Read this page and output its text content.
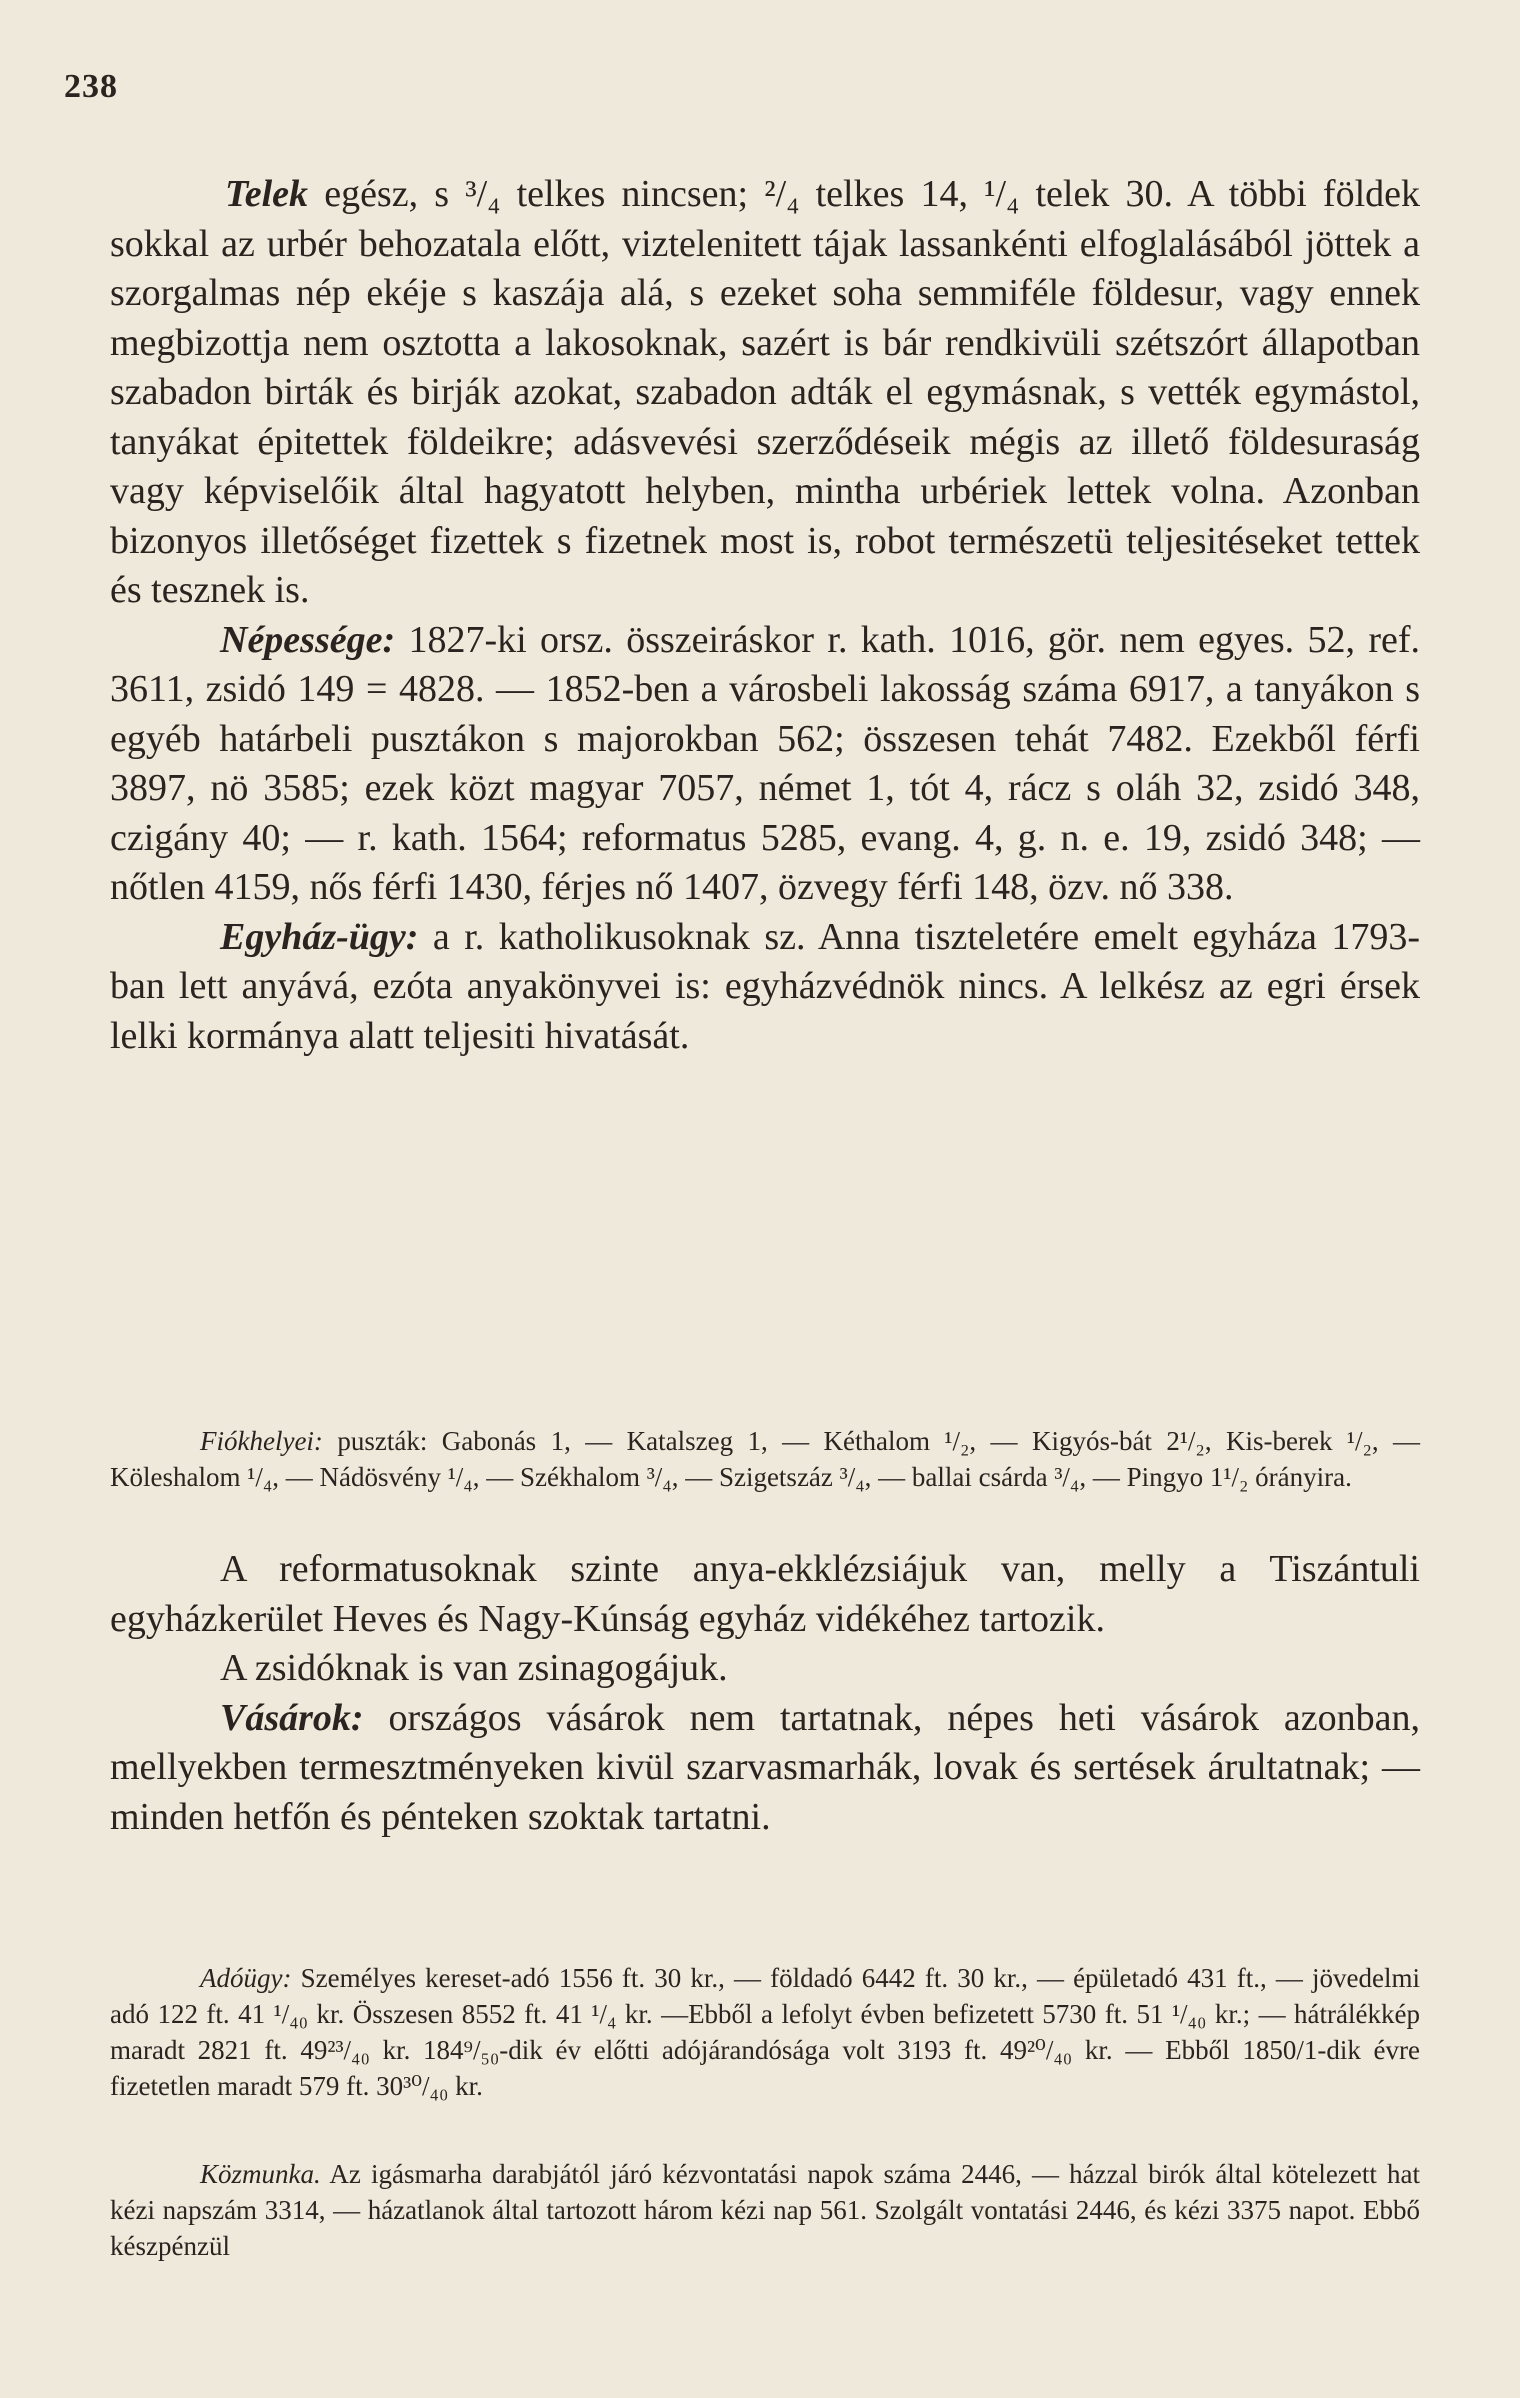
238

Telek egész, s ³/₄ telkes nincsen; ²/₄ telkes 14, ¹/₄ telek 30. A többi földek sokkal az urbér behozatala előtt, viztelenitett tájak lassankénti elfoglalásából jöttek a szorgalmas nép ekéje s kaszája alá, s ezeket soha semmiféle földesur, vagy ennek megbizottja nem osztotta a lakosoknak, sazért is bár rendkivüli szétszórt állapotban szabadon birták és birják azokat, szabadon adták el egymásnak, s vették egymástol, tanyákat épitettek földeikre; adásvevési szerződéseik mégis az illető földesuraság vagy képviselőik által hagyatott helyben, mintha urbériek lettek volna. Azonban bizonyos illetőséget fizettek s fizetnek most is, robot természetü teljesitéseket tettek és tesznek is.

Népessége: 1827-ki orsz. összeiráskor r. kath. 1016, gör. nem egyes. 52, ref. 3611, zsidó 149 = 4828. — 1852-ben a városbeli lakosság száma 6917, a tanyákon s egyéb határbeli pusztákon s majorokban 562; összesen tehát 7482. Ezekből férfi 3897, nö 3585; ezek közt magyar 7057, német 1, tót 4, rácz s oláh 32, zsidó 348, czigány 40; — r. kath. 1564; reformatus 5285, evang. 4, g. n. e. 19, zsidó 348; — nőtlen 4159, nős férfi 1430, férjes nő 1407, özvegy férfi 148, özv. nő 338.

Egyház-ügy: a r. katholikusoknak sz. Anna tiszteletére emelt egyháza 1793-ban lett anyává, ezóta anyakönyvei is: egyházvédnök nincs. A lelkész az egri érsek lelki kormánya alatt teljesiti hivatását.

Fiókhelyei: puszták: Gabonás 1, — Katalszeg 1, — Kéthalom ¹/₂, — Kigyós-bát 2¹/₂, Kis-berek ¹/₂, — Köleshalom ¹/₄, — Nádösvény ¹/₄, — Székhalom ³/₄, — Szigetszáz ³/₄, — ballai csárda ³/₄, — Pingyo 1¹/₂ órányira.

A reformatusoknak szinte anya-ekklézsiájuk van, melly a Tiszántuli egyházkerület Heves és Nagy-Kúnság egyház vidékéhez tartozik.

A zsidóknak is van zsinagogájuk.

Vásárok: országos vásárok nem tartatnak, népes heti vásárok azonban, mellyekben termesztményeken kivül szarvasmarhák, lovak és sertések árultatnak; — minden hetfőn és pénteken szoktak tartatni.

Adóügy: Személyes kereset-adó 1556 ft. 30 kr., — földadó 6442 ft. 30 kr., — épületadó 431 ft., — jövedelmi adó 122 ft. 41 ¹/₄₀ kr. Összesen 8552 ft. 41 ¹/₄ kr. —Ebből a lefolyt évben befizetett 5730 ft. 51 ¹/₄₀ kr.; — hátrálékkép maradt 2821 ft. 49²³/₄₀ kr. 184⁹/₅₀-dik év előtti adójárandósága volt 3193 ft. 49²⁰/₄₀ kr. — Ebből 1850/1-dik évre fizetetlen maradt 579 ft. 30³⁰/₄₀ kr.

Közmunka. Az igásmarha darabjától járó kézvontatási napok száma 2446, — házzal birók által kötelezett hat kézi napszám 3314, — házatlanok által tartozott három kézi nap 561. Szolgált vontatási 2446, és kézi 3375 napot. Ebbő készpénzül
